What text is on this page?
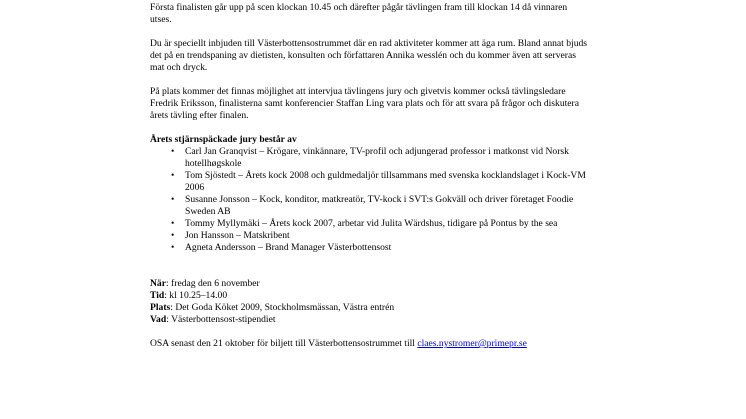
Första finalisten går upp på scen klockan 10.45 och därefter pågår tävlingen fram till klockan 14 då vinnaren utses.

Du är speciellt inbjuden till Västerbottensostrummet där en rad aktiviteter kommer att äga rum. Bland annat bjuds det på en trendspaning av dietisten, konsulten och författaren Annika wesslén och du kommer även att serveras mat och dryck.

På plats kommer det finnas möjlighet att intervjua tävlingens jury och givetvis kommer också tävlingsledare Fredrik Eriksson, finalisterna samt konferencier Staffan Ling vara plats och för att svara på frågor och diskutera årets tävling efter finalen.

Årets stjärnspäckade jury består av

• Carl Jan Granqvist – Krögare, vinkännare, TV-profil och adjungerad professor i matkonst vid Norsk hotellhøgskole
• Tom Sjöstedt – Årets kock 2008 och guldmedaljör tillsammans med svenska kocklandslaget i Kock-VM 2006
• Susanne Jonsson – Kock, konditor, matkreatör, TV-kock i SVT:s Gokväll och driver företaget Foodie Sweden AB
• Tommy Myllymäki – Årets kock 2007, arbetar vid Julita Wärdshus, tidigare på Pontus by the sea
• Jon Hansson – Matskribent
• Agneta Andersson – Brand Manager Västerbottensost

När: fredag den 6 november

Tid: kl 10.25–14.00

Plats: Det Goda Köket 2009, Stockholmsmässan, Västra entrén

Vad: Västerbottensost-stipendiet

OSA senast den 21 oktober för biljett till Västerbottensostrummet till claes.nystromer@primepr.se
